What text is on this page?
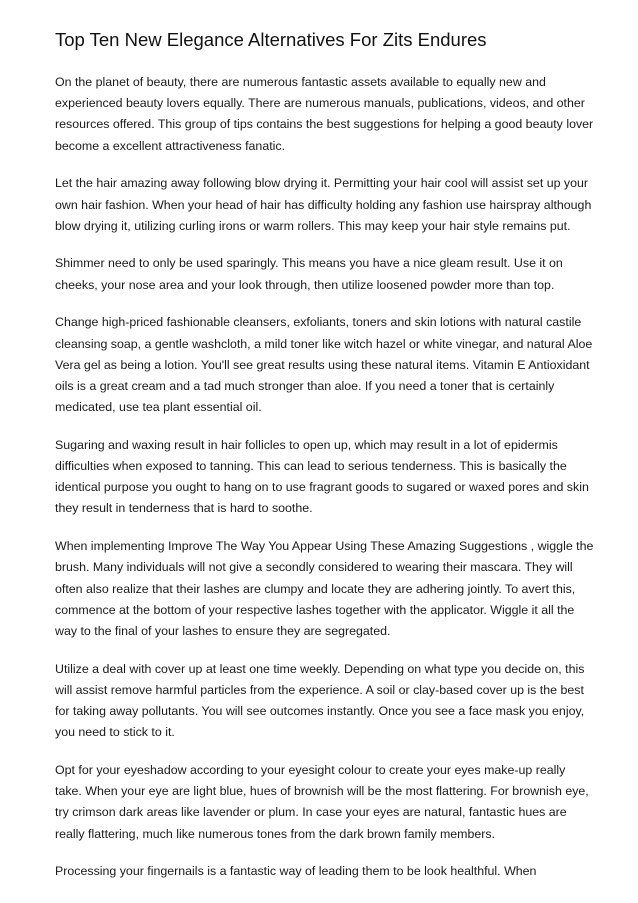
Top Ten New Elegance Alternatives For Zits Endures

On the planet of beauty, there are numerous fantastic assets available to equally new and experienced beauty lovers equally. There are numerous manuals, publications, videos, and other resources offered. This group of tips contains the best suggestions for helping a good beauty lover become a excellent attractiveness fanatic.

Let the hair amazing away following blow drying it. Permitting your hair cool will assist set up your own hair fashion. When your head of hair has difficulty holding any fashion use hairspray although blow drying it, utilizing curling irons or warm rollers. This may keep your hair style remains put.

Shimmer need to only be used sparingly. This means you have a nice gleam result. Use it on cheeks, your nose area and your look through, then utilize loosened powder more than top.

Change high-priced fashionable cleansers, exfoliants, toners and skin lotions with natural castile cleansing soap, a gentle washcloth, a mild toner like witch hazel or white vinegar, and natural Aloe Vera gel as being a lotion. You'll see great results using these natural items. Vitamin E Antioxidant oils is a great cream and a tad much stronger than aloe. If you need a toner that is certainly medicated, use tea plant essential oil.

Sugaring and waxing result in hair follicles to open up, which may result in a lot of epidermis difficulties when exposed to tanning. This can lead to serious tenderness. This is basically the identical purpose you ought to hang on to use fragrant goods to sugared or waxed pores and skin they result in tenderness that is hard to soothe.

When implementing Improve The Way You Appear Using These Amazing Suggestions , wiggle the brush. Many individuals will not give a secondly considered to wearing their mascara. They will often also realize that their lashes are clumpy and locate they are adhering jointly. To avert this, commence at the bottom of your respective lashes together with the applicator. Wiggle it all the way to the final of your lashes to ensure they are segregated.

Utilize a deal with cover up at least one time weekly. Depending on what type you decide on, this will assist remove harmful particles from the experience. A soil or clay-based cover up is the best for taking away pollutants. You will see outcomes instantly. Once you see a face mask you enjoy, you need to stick to it.

Opt for your eyeshadow according to your eyesight colour to create your eyes make-up really take. When your eye are light blue, hues of brownish will be the most flattering. For brownish eye, try crimson dark areas like lavender or plum. In case your eyes are natural, fantastic hues are really flattering, much like numerous tones from the dark brown family members.

Processing your fingernails is a fantastic way of leading them to be look healthful. When
